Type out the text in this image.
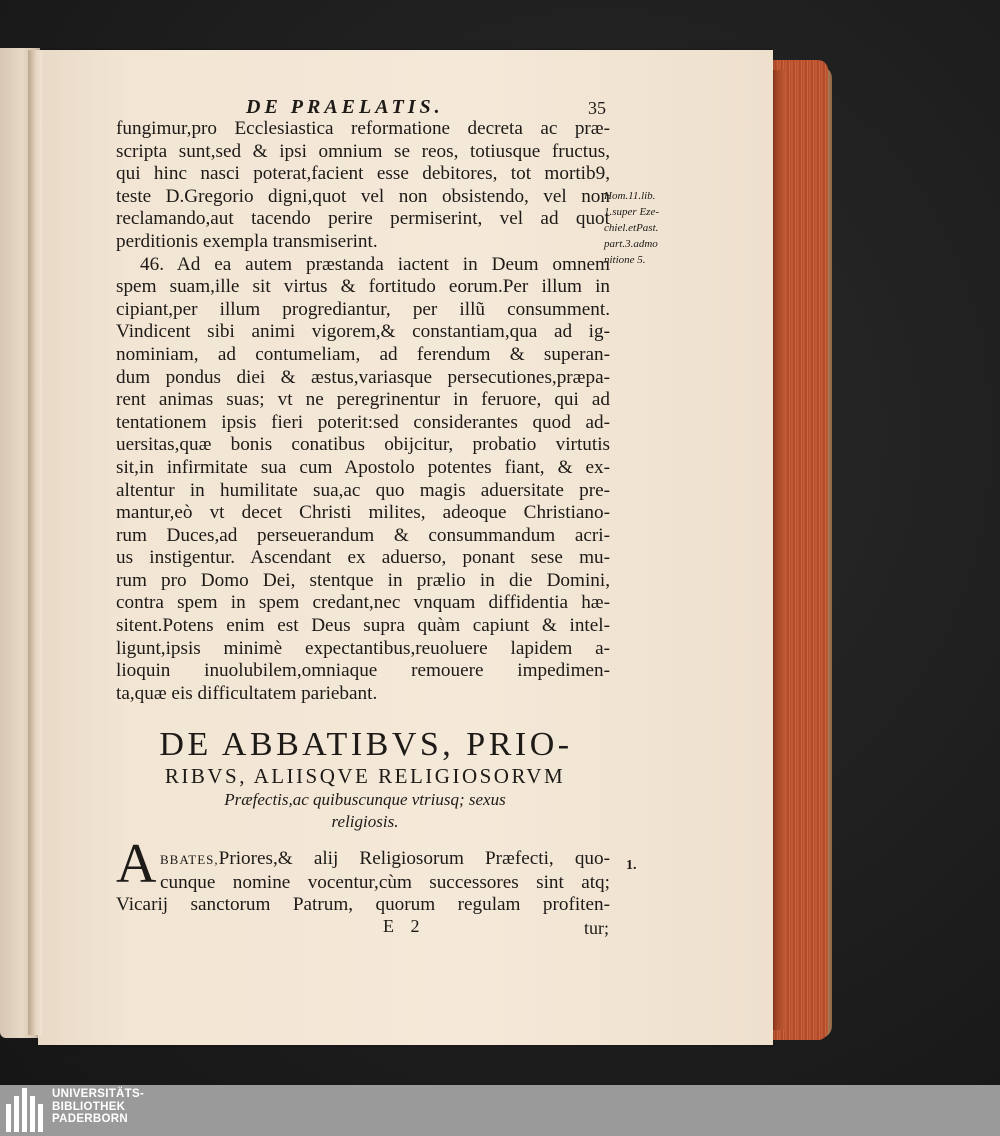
DE PRAELATIS.	35
fungimur,pro Ecclesiastica reformatione decreta ac præ-
scripta sunt,sed & ipsi omnium se reos, totiusque fructus,
qui hinc nasci poterat,facient esse debitores, tot mortib9,
teste D.Gregorio digni,quot vel non obsistendo, vel non
reclamando,aut tacendo perire permiserint, vel ad quot
perditionis exempla transmiserint.
46. Ad ea autem præstanda iactent in Deum omnem
spem suam,ille sit virtus & fortitudo eorum.Per illum in
cipiant,per illum progrediantur, per illũ consumment.
Vindicent sibi animi vigorem,& constantiam,qua ad ig-
nominiam, ad contumeliam, ad ferendum & superan-
dum pondus diei & æstus,variasque persecutiones,præpa-
rent animas suas; vt ne peregrinentur in feruore, qui ad
tentationem ipsis fieri poterit:sed considerantes quod ad-
uersitas,quæ bonis conatibus obijcitur, probatio virtutis
sit,in infirmitate sua cum Apostolo potentes fiant, & ex-
altentur in humilitate sua,ac quo magis aduersitate pre-
mantur,eò vt decet Christi milites, adeoque Christiano-
rum Duces,ad perseuerandum & consummandum acri-
us instigentur. Ascendant ex aduerso, ponant sese mu-
rum pro Domo Dei, stentque in prælio in die Domini,
contra spem in spem credant,nec vnquam diffidentia hæ-
sitent.Potens enim est Deus supra quàm capiunt & intel-
ligunt,ipsis minimè expectantibus,reuoluere lapidem a-
lioquin inuolubilem,omniaque remouere impedimen-
ta,quæ eis difficultatem pariebant.
Hom.11.lib.
1.super Eze-
chiel.etPast.
part.3.admo
nitione 5.
DE ABBATIBVS, PRIO-
RIBVS, ALIISQVE RELIGIOSORVM
Præfectis,ac quibuscunque vtriusq; sexus
religiosis.
A BBATES,Priores,& alij Religiosorum Præfecti, quo-
cunque nomine vocentur,cùm successores sint atq;
Vicarij sanctorum Patrum, quorum regulam profiten-
1.
E 2	tur;
UNIVERSITÄTS-
BIBLIOTHEK
PADERBORN
